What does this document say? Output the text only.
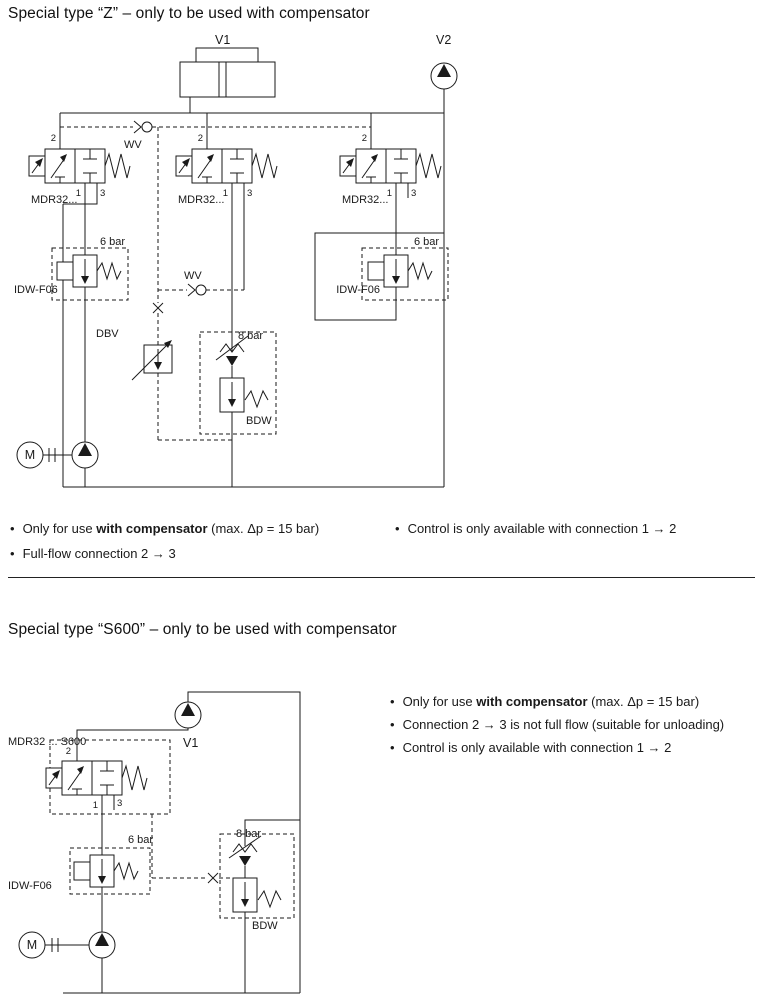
Special type “Z” – only to be used with compensator
Special type “S600” – only to be used with compensator
V1	V2
WV
WV
MDR32...	MDR32...	MDR32...
2	2	2
1	1	1
3	3	3
6 bar	6 bar
IDW-F06	IDW-F06
DBV	8 bar
BDW
M
MDR32 ... S600	V1
2
1 3
6 bar
IDW-F06
8 bar
BDW
M
• Only for use with compensator (max. Δp = 15 bar)
• Full-flow connection 2 → 3
• Control is only available with connection 1 → 2
• Only for use with compensator (max. Δp = 15 bar)
• Connection 2 → 3 is not full flow (suitable for unloading)
• Control is only available with connection 1 → 2
